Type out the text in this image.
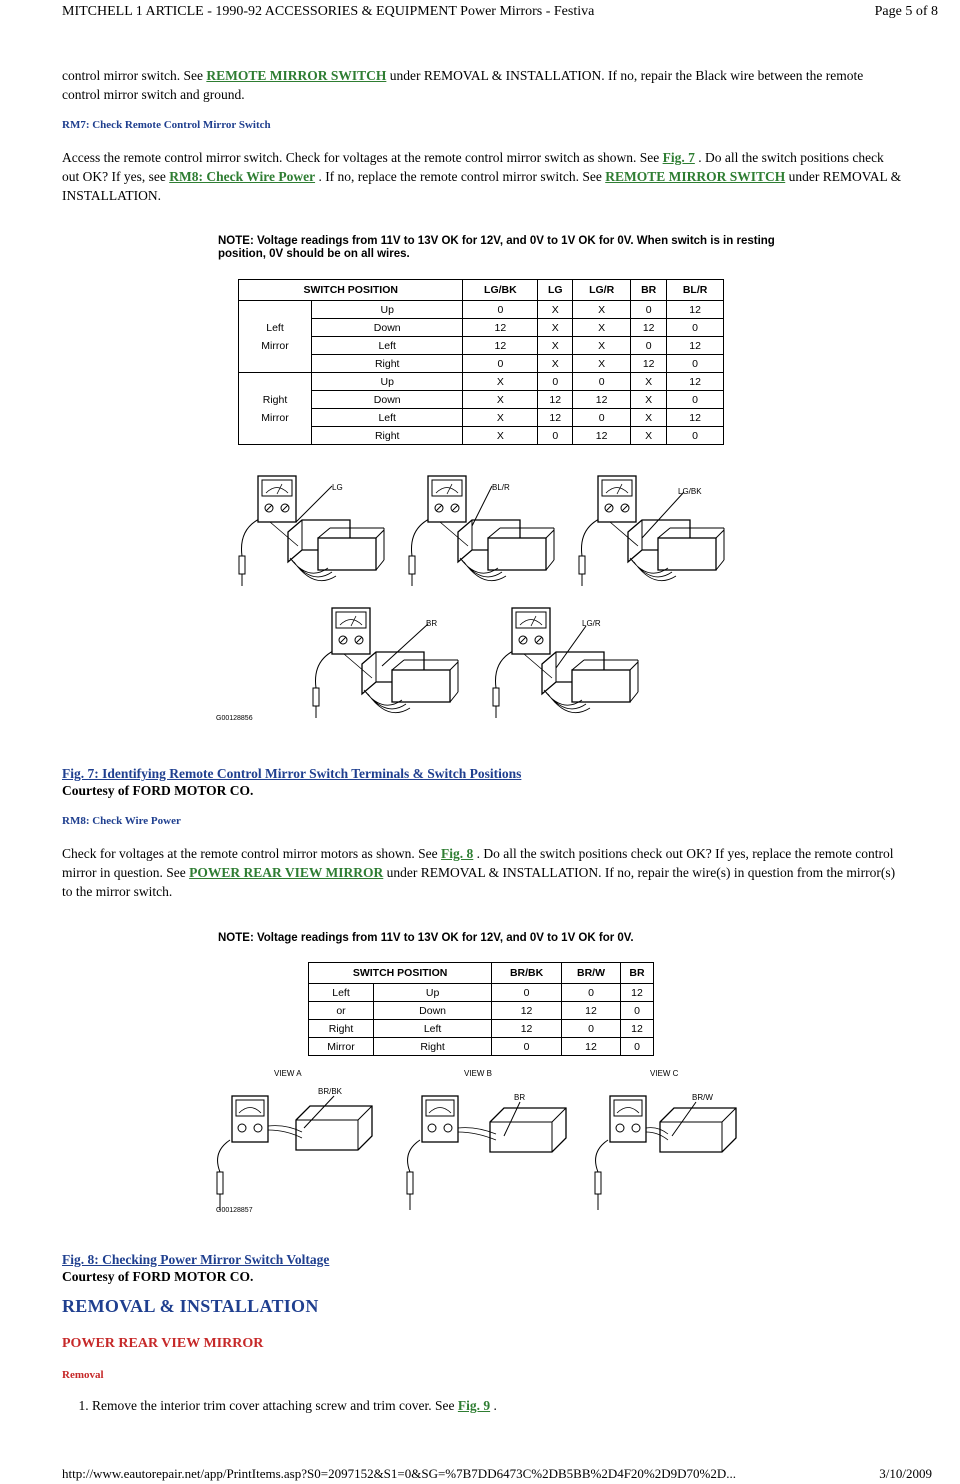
MITCHELL 1 ARTICLE - 1990-92 ACCESSORIES & EQUIPMENT Power Mirrors - Festiva	Page 5 of 8

control mirror switch. See REMOTE MIRROR SWITCH under REMOVAL & INSTALLATION. If no, repair the Black wire between the remote control mirror switch and ground.

RM7: Check Remote Control Mirror Switch

Access the remote control mirror switch. Check for voltages at the remote control mirror switch as shown. See Fig. 7 . Do all the switch positions check out OK? If yes, see RM8: Check Wire Power . If no, replace the remote control mirror switch. See REMOTE MIRROR SWITCH under REMOVAL & INSTALLATION.

NOTE: Voltage readings from 11V to 13V OK for 12V, and 0V to 1V OK for 0V. When switch is in resting
position, 0V should be on all wires.
SWITCH POSITION		LG/BK	LG	LG/R	BR	BL/R
Left
Mirror	Up	0	X	X	0	12
	Down	12	X	X	12	0
	Left	12	X	X	0	12
	Right	0	X	X	12	0
Right
Mirror	Up	X	0	0	X	12
	Down	X	12	12	X	0
	Left	X	12	0	X	12
	Right	X	0	12	X	0
LG	BL/R	LG/BK
BR	LG/R
G00128856
Fig. 7: Identifying Remote Control Mirror Switch Terminals & Switch Positions
Courtesy of FORD MOTOR CO.
RM8: Check Wire Power

Check for voltages at the remote control mirror motors as shown. See Fig. 8 . Do all the switch positions check out OK? If yes, replace the remote control mirror in question. See POWER REAR VIEW MIRROR under REMOVAL & INSTALLATION. If no, repair the wire(s) in question from the mirror(s) to the mirror switch.

NOTE: Voltage readings from 11V to 13V OK for 12V, and 0V to 1V OK for 0V.
SWITCH POSITION		BR/BK	BR/W	BR
Left	Up	0	0	12
or	Down	12	12	0
Right	Left	12	0	12
Mirror	Right	0	12	0
VIEW A	VIEW B	VIEW C
BR/BK
BR	BR/W
G00128857
Fig. 8: Checking Power Mirror Switch Voltage
Courtesy of FORD MOTOR CO.
REMOVAL & INSTALLATION
POWER REAR VIEW MIRROR
Removal
1. Remove the interior trim cover attaching screw and trim cover. See Fig. 9 .
http://www.eautorepair.net/app/PrintItems.asp?S0=2097152&S1=0&SG=%7B7DD6473C%2DB5BB%2D4F20%2D9D70%2D...	3/10/2009
